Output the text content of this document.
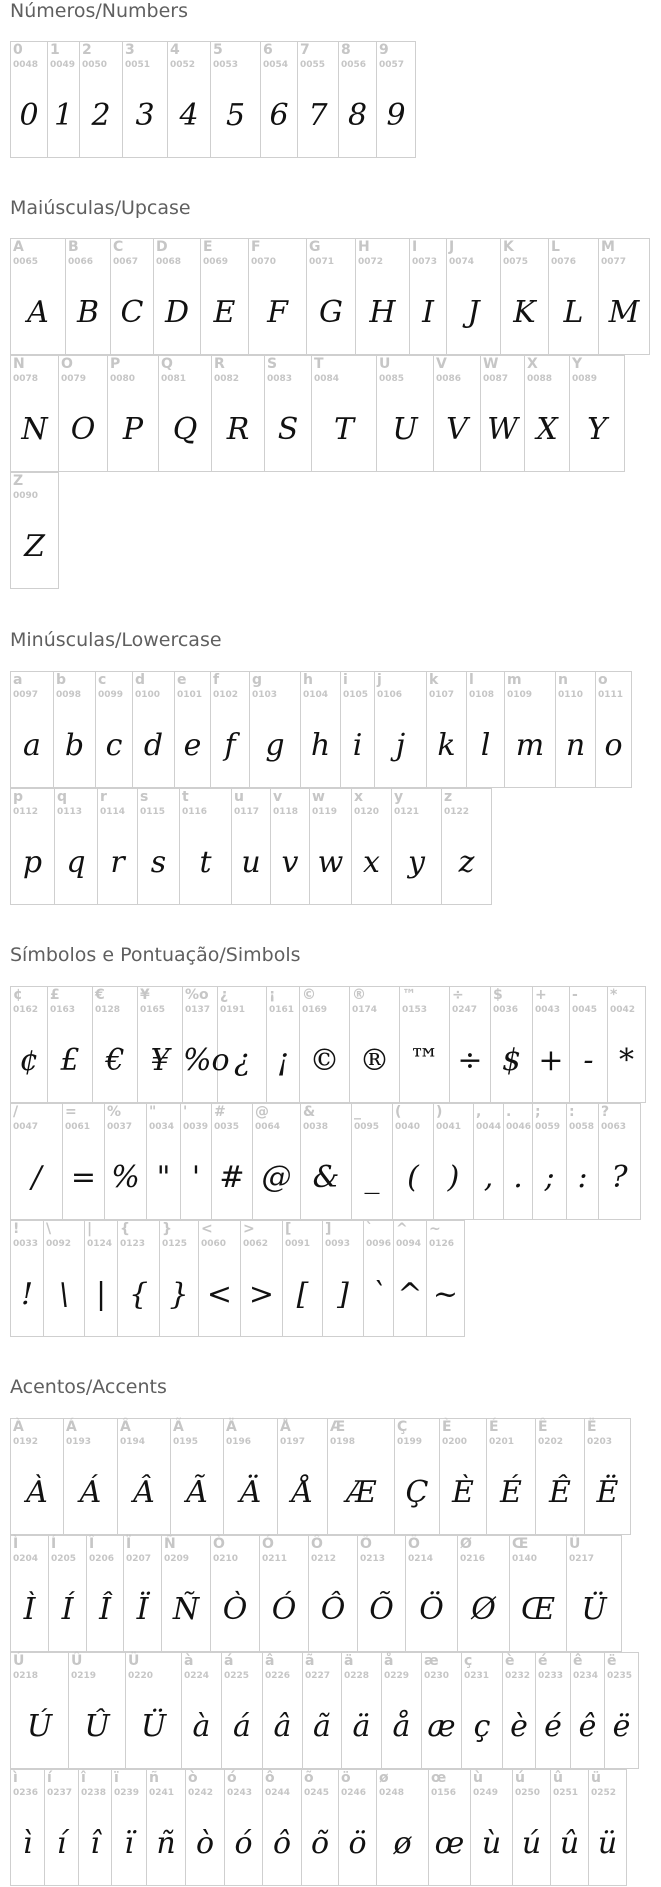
Números/Numbers
0
0048
0
1
0049
1
2
0050
2
3
0051
3
4
0052
4
5
0053
5
6
0054
6
7
0055
7
8
0056
8
9
0057
9
Maiúsculas/Upcase
A
0065
A
B
0066
B
C
0067
C
D
0068
D
E
0069
E
F
0070
F
G
0071
G
H
0072
H
I
0073
I
J
0074
J
K
0075
K
L
0076
L
M
0077
M
N
0078
N
O
0079
O
P
0080
P
Q
0081
Q
R
0082
R
S
0083
S
T
0084
T
U
0085
U
V
0086
V
W
0087
W
X
0088
X
Y
0089
Y
Z
0090
Z
Minúsculas/Lowercase
a
0097
a
b
0098
b
c
0099
c
d
0100
d
e
0101
e
f
0102
f
g
0103
g
h
0104
h
i
0105
i
j
0106
j
k
0107
k
l
0108
l
m
0109
m
n
0110
n
o
0111
o
p
0112
p
q
0113
q
r
0114
r
s
0115
s
t
0116
t
u
0117
u
v
0118
v
w
0119
w
x
0120
x
y
0121
y
z
0122
z
Símbolos e Pontuação/Simbols
¢
0162
¢
£
0163
£
€
0128
€
¥
0165
¥
%o
0137
%o
¿
0191
¿
¡
0161
¡
©
0169
©
®
0174
®
™
0153
™
÷
0247
÷
$
0036
$
+
0043
+
-
0045
-
*
0042
*
/
0047
/
=
0061
=
%
0037
%
"
0034
"
'
0039
'
#
0035
#
@
0064
@
&
0038
&
_
0095
_
(
0040
(
)
0041
)
,
0044
,
.
0046
.
;
0059
;
:
0058
:
?
0063
?
!
0033
!
\
0092
\
|
0124
|
{
0123
{
}
0125
}
<
0060
<
>
0062
>
[
0091
[
]
0093
]
`
0096
`
^
0094
^
~
0126
~
Acentos/Accents
À
0192
À
Á
0193
Á
Â
0194
Â
Ã
0195
Ã
Ä
0196
Ä
Å
0197
Å
Æ
0198
Æ
Ç
0199
Ç
È
0200
È
É
0201
É
Ê
0202
Ê
Ë
0203
Ë
Ì
0204
Ì
Í
0205
Í
Î
0206
Î
Ï
0207
Ï
Ñ
0209
Ñ
Ò
0210
Ò
Ó
0211
Ó
Ô
0212
Ô
Õ
0213
Õ
Ö
0214
Ö
Ø
0216
Ø
Œ
0140
Œ
Ü
0217
Ü
Ú
0218
Ú
Û
0219
Û
Ü
0220
Ü
à
0224
à
á
0225
á
â
0226
â
ã
0227
ã
ä
0228
ä
å
0229
å
æ
0230
æ
ç
0231
ç
è
0232
è
é
0233
é
ê
0234
ê
ë
0235
ë
ì
0236
ì
í
0237
í
î
0238
î
ï
0239
ï
ñ
0241
ñ
ò
0242
ò
ó
0243
ó
ô
0244
ô
õ
0245
õ
ö
0246
ö
ø
0248
ø
œ
0156
œ
ù
0249
ù
ú
0250
ú
û
0251
û
ü
0252
ü
